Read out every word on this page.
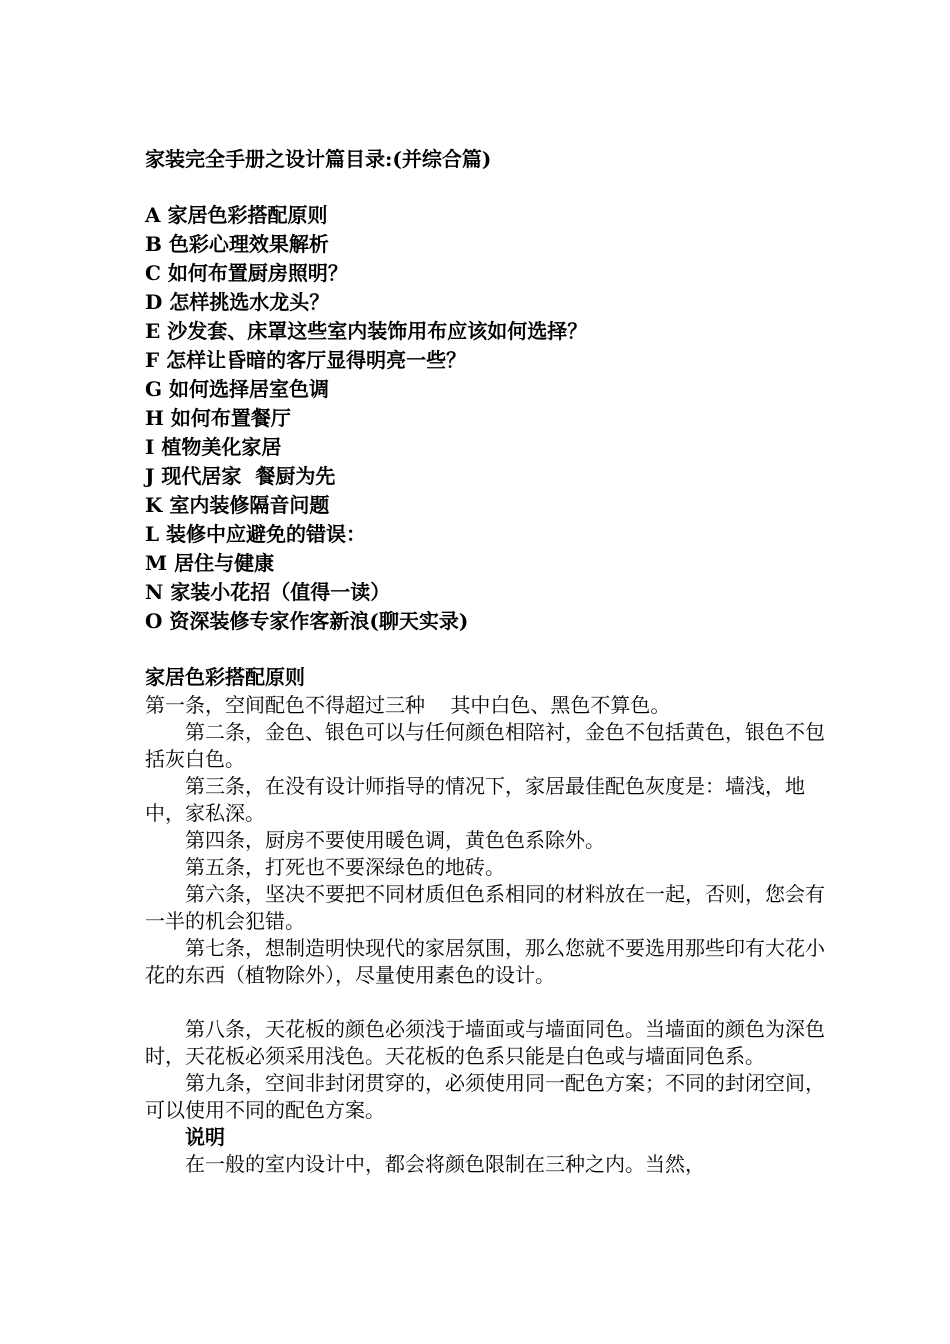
家装完全手册之设计篇目录:(并综合篇)
A 家居色彩搭配原则
B 色彩心理效果解析
C 如何布置厨房照明？
D 怎样挑选水龙头？
E 沙发套、床罩这些室内装饰用布应该如何选择？
F 怎样让昏暗的客厅显得明亮一些？
G 如何选择居室色调
H 如何布置餐厅
I 植物美化家居
J 现代居家  餐厨为先
K 室内装修隔音问题
L 装修中应避免的错误：
M 居住与健康
N 家装小花招（值得一读）
O 资深装修专家作客新浪(聊天实录)
家居色彩搭配原则

第一条，空间配色不得超过三种    其中白色、黑色不算色。

第二条，金色、银色可以与任何颜色相陪衬，金色不包括黄色，银色不包括灰白色。

第三条，在没有设计师指导的情况下，家居最佳配色灰度是：墙浅，地中，家私深。

第四条，厨房不要使用暖色调，黄色色系除外。

第五条，打死也不要深绿色的地砖。

第六条，坚决不要把不同材质但色系相同的材料放在一起，否则，您会有一半的机会犯错。

第七条，想制造明快现代的家居氛围，那么您就不要选用那些印有大花小花的东西（植物除外），尽量使用素色的设计。

第八条，天花板的颜色必须浅于墙面或与墙面同色。当墙面的颜色为深色时，天花板必须采用浅色。天花板的色系只能是白色或与墙面同色系。

第九条，空间非封闭贯穿的，必须使用同一配色方案；不同的封闭空间，可以使用不同的配色方案。

说明

在一般的室内设计中，都会将颜色限制在三种之内。当然，
